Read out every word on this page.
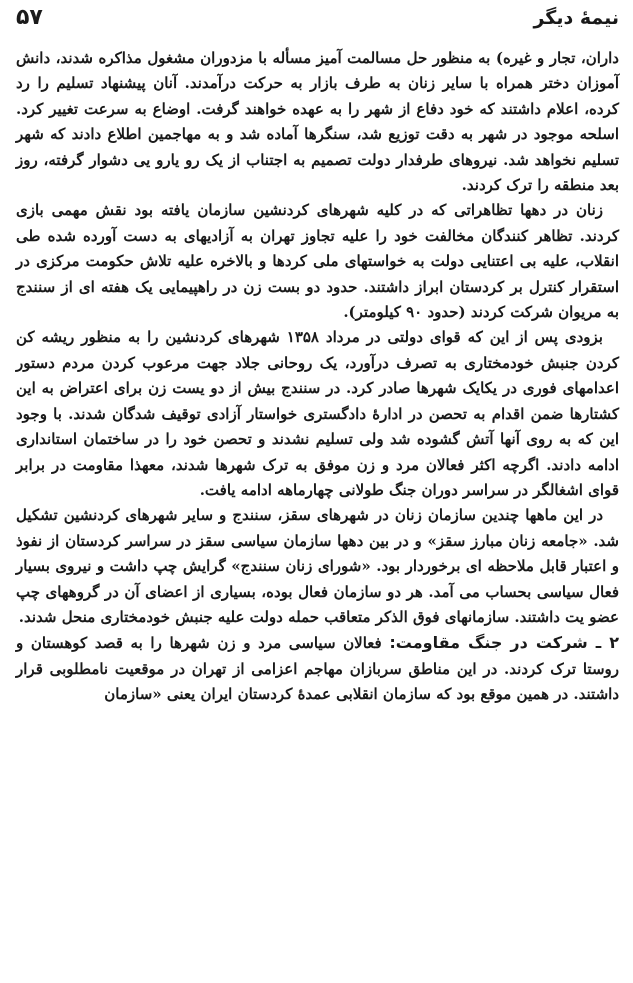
نیمهٔ دیگر
۵۷

داران، تجار و غیره) به منظور حل مسالمت آمیز مسأله با مزدوران مشغول مذاکره شدند، دانش آموزان دختر همراه با سایر زنان به طرف بازار به حرکت درآمدند. آنان پیشنهاد تسلیم را رد کرده، اعلام داشتند که خود دفاع از شهر را به عهده خواهند گرفت. اوضاع به سرعت تغییر کرد. اسلحه موجود در شهر به دقت توزیع شد، سنگرها آماده شد و به مهاجمین اطلاع دادند که شهر تسلیم نخواهد شد. نیروهای طرفدار دولت تصمیم به اجتناب از یک رو یارو یی دشوار گرفته، روز بعد منطقه را ترک کردند.

زنان در دهها تظاهراتی که در کلیه شهرهای کردنشین سازمان یافته بود نقش مهمی بازی کردند. تظاهر کنندگان مخالفت خود را علیه تجاوز تهران به آزادیهای به دست آورده شده طی انقلاب، علیه بی اعتنایی دولت به خواستهای ملی کردها و بالاخره علیه تلاش حکومت مرکزی در استقرار کنترل بر کردستان ابراز داشتند. حدود دو بست زن در راهپیمایی یک هفته ای از سنندج به مریوان شرکت کردند (حدود ۹۰ کیلومتر).

بزودی پس از این که قوای دولتی در مرداد ۱۳۵۸ شهرهای کردنشین را به منظور ریشه کن کردن جنبش خودمختاری به تصرف درآورد، یک روحانی جلاد جهت مرعوب کردن مردم دستور اعدامهای فوری در یکایک شهرها صادر کرد. در سنندج بیش از دو یست زن برای اعتراض به این کشتارها ضمن اقدام به تحصن در ادارهٔ دادگستری خواستار آزادی توقیف شدگان شدند. با وجود این که به روی آنها آتش گشوده شد ولی تسلیم نشدند و تحصن خود را در ساختمان استانداری ادامه دادند. اگرچه اکثر فعالان مرد و زن موفق به ترک شهرها شدند، معهذا مقاومت در برابر قوای اشغالگر در سراسر دوران جنگ طولانی چهارماهه ادامه یافت.

در این ماهها چندین سازمان زنان در شهرهای سقز، سنندج و سایر شهرهای کردنشین تشکیل شد. «جامعه زنان مبارز سقز» و در بین دهها سازمان سیاسی سقز در سراسر کردستان از نفوذ و اعتبار قابل ملاحظه ای برخوردار بود. «شورای زنان سنندج» گرایش چپ داشت و نیروی بسیار فعال سیاسی بحساب می آمد. هر دو سازمان فعال بوده، بسیاری از اعضای آن در گروههای چپ عضو یت داشتند. سازمانهای فوق الذکر متعاقب حمله دولت علیه جنبش خودمختاری منحل شدند.

۲ ـ شرکت در جنگ مقاومت: فعالان سیاسی مرد و زن شهرها را به قصد کوهستان و روستا ترک کردند. در این مناطق سربازان مهاجم اعزامی از تهران در موقعیت نامطلوبی قرار داشتند. در همین موقع بود که سازمان انقلابی عمدهٔ کردستان ایران یعنی «سازمان
